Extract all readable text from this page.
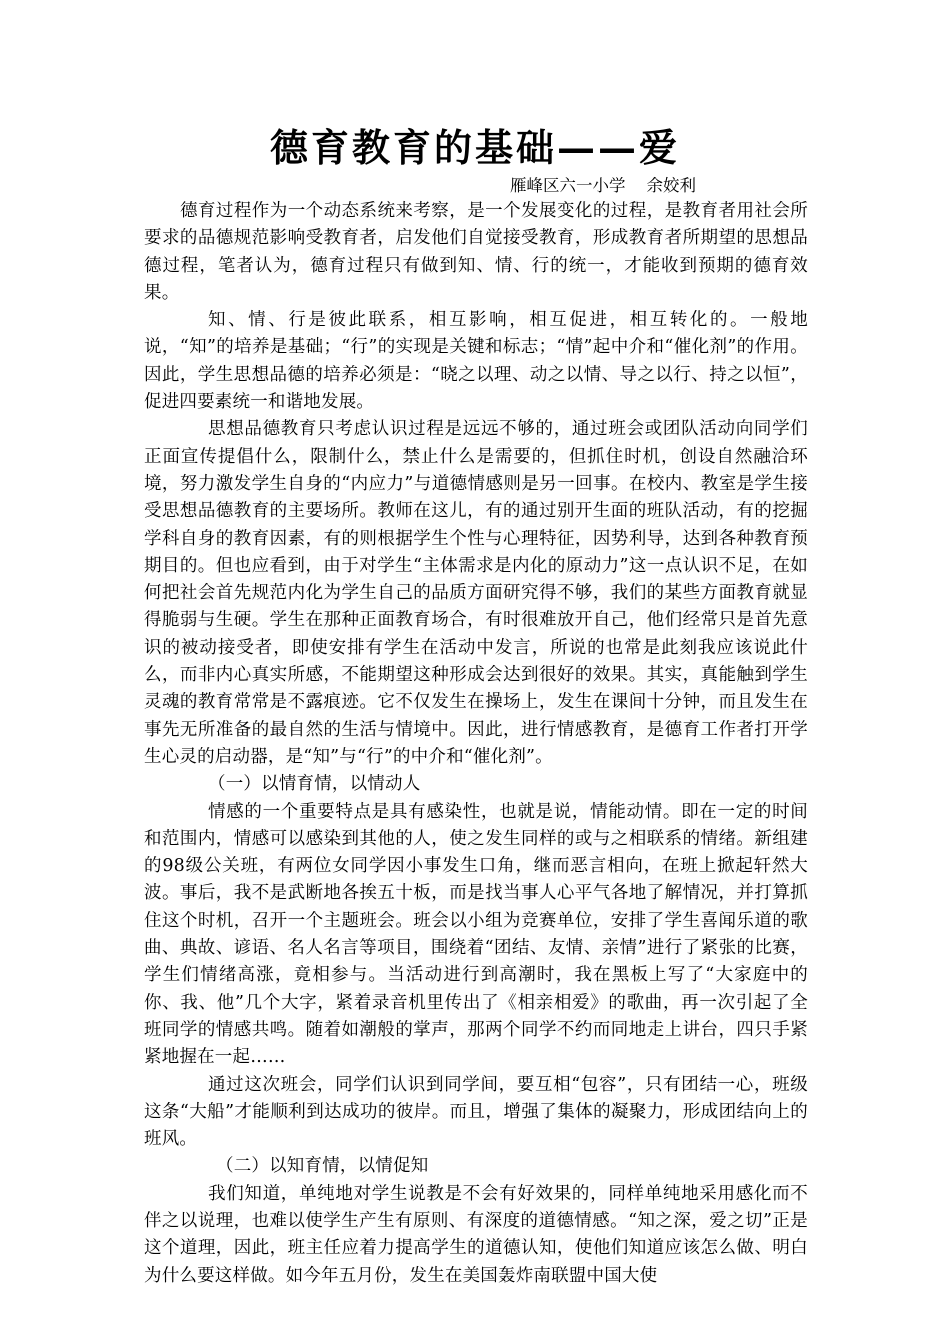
德育教育的基础——爱
雁峰区六一小学    余姣利

德育过程作为一个动态系统来考察，是一个发展变化的过程，是教育者用社会所要求的品德规范影响受教育者，启发他们自觉接受教育，形成教育者所期望的思想品德过程，笔者认为，德育过程只有做到知、情、行的统一，才能收到预期的德育效果。

知、情、行是彼此联系，相互影响，相互促进，相互转化的。一般地说，“知”的培养是基础；“行”的实现是关键和标志；“情”起中介和“催化剂”的作用。因此，学生思想品德的培养必须是：“晓之以理、动之以情、导之以行、持之以恒”，促进四要素统一和谐地发展。

思想品德教育只考虑认识过程是远远不够的，通过班会或团队活动向同学们正面宣传提倡什么，限制什么，禁止什么是需要的，但抓住时机，创设自然融洽环境，努力激发学生自身的“内应力”与道德情感则是另一回事。在校内、教室是学生接受思想品德教育的主要场所。教师在这儿，有的通过别开生面的班队活动，有的挖掘学科自身的教育因素，有的则根据学生个性与心理特征，因势利导，达到各种教育预期目的。但也应看到，由于对学生“主体需求是内化的原动力”这一点认识不足，在如何把社会首先规范内化为学生自己的品质方面研究得不够，我们的某些方面教育就显得脆弱与生硬。学生在那种正面教育场合，有时很难放开自己，他们经常只是首先意识的被动接受者，即使安排有学生在活动中发言，所说的也常是此刻我应该说此什么，而非内心真实所感，不能期望这种形成会达到很好的效果。其实，真能触到学生灵魂的教育常常是不露痕迹。它不仅发生在操场上，发生在课间十分钟，而且发生在事先无所准备的最自然的生活与情境中。因此，进行情感教育，是德育工作者打开学生心灵的启动器，是“知”与“行”的中介和“催化剂”。

（一）以情育情，以情动人

情感的一个重要特点是具有感染性，也就是说，情能动情。即在一定的时间和范围内，情感可以感染到其他的人，使之发生同样的或与之相联系的情绪。新组建的98级公关班，有两位女同学因小事发生口角，继而恶言相向，在班上掀起轩然大波。事后，我不是武断地各挨五十板，而是找当事人心平气各地了解情况，并打算抓住这个时机，召开一个主题班会。班会以小组为竞赛单位，安排了学生喜闻乐道的歌曲、典故、谚语、名人名言等项目，围绕着“团结、友情、亲情”进行了紧张的比赛，学生们情绪高涨，竟相参与。当活动进行到高潮时，我在黑板上写了“大家庭中的你、我、他”几个大字，紧着录音机里传出了《相亲相爱》的歌曲，再一次引起了全班同学的情感共鸣。随着如潮般的掌声，那两个同学不约而同地走上讲台，四只手紧紧地握在一起……

通过这次班会，同学们认识到同学间，要互相“包容”，只有团结一心，班级这条“大船”才能顺利到达成功的彼岸。而且，增强了集体的凝聚力，形成团结向上的班风。

（二）以知育情，以情促知

我们知道，单纯地对学生说教是不会有好效果的，同样单纯地采用感化而不伴之以说理，也难以使学生产生有原则、有深度的道德情感。“知之深，爱之切”正是这个道理，因此，班主任应着力提高学生的道德认知，使他们知道应该怎么做、明白为什么要这样做。如今年五月份，发生在美国轰炸南联盟中国大使
